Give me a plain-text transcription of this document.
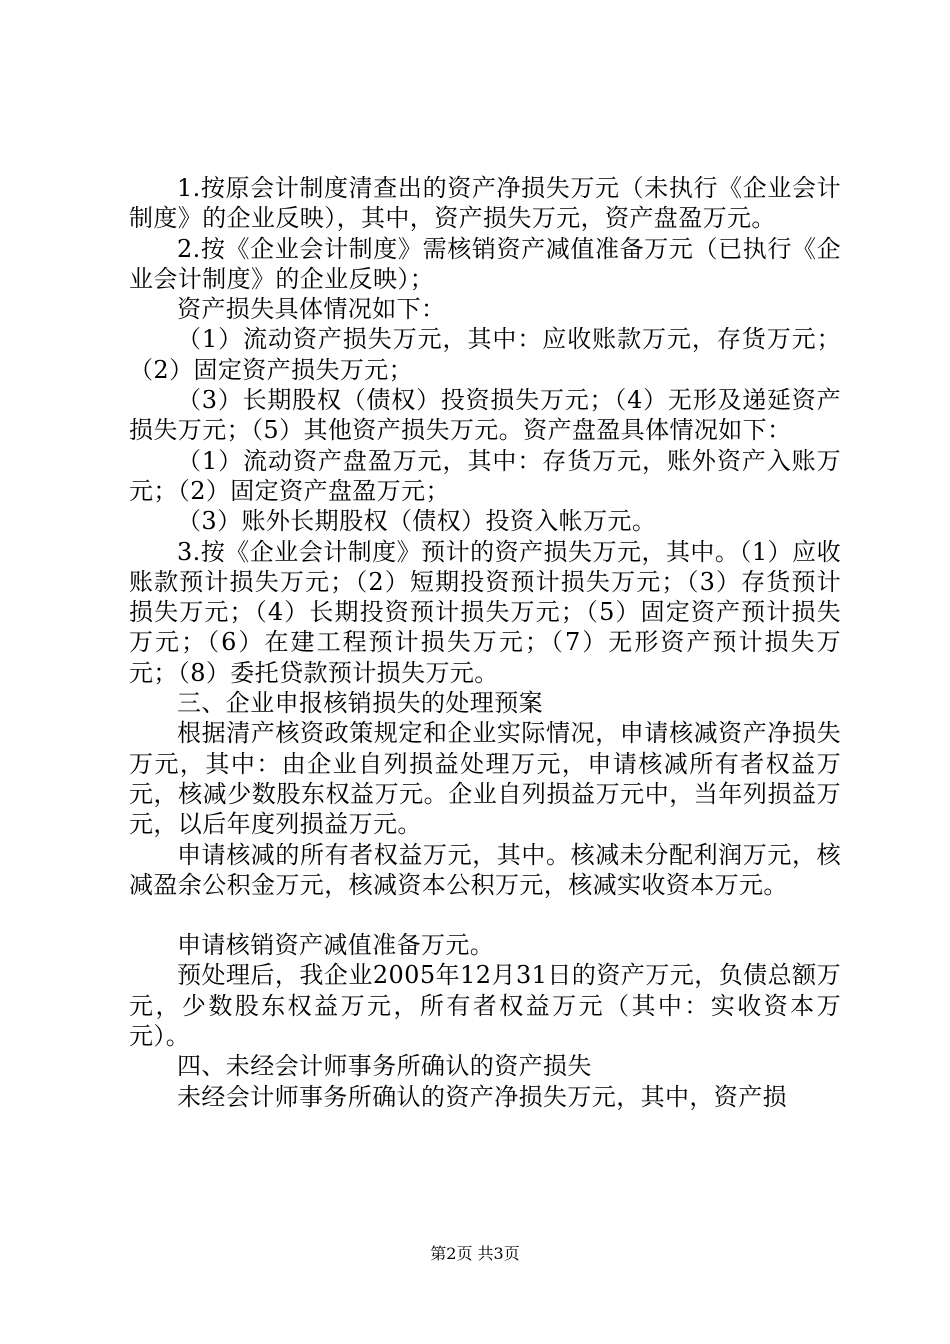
1.按原会计制度清查出的资产净损失万元（未执行《企业会计制度》的企业反映），其中，资产损失万元，资产盘盈万元。

2.按《企业会计制度》需核销资产减值准备万元（已执行《企业会计制度》的企业反映）；

资产损失具体情况如下：

（1）流动资产损失万元，其中：应收账款万元，存货万元；（2）固定资产损失万元；

（3）长期股权（债权）投资损失万元；（4）无形及递延资产损失万元；（5）其他资产损失万元。资产盘盈具体情况如下：

（1）流动资产盘盈万元，其中：存货万元，账外资产入账万元；（2）固定资产盘盈万元；

（3）账外长期股权（债权）投资入帐万元。

3.按《企业会计制度》预计的资产损失万元，其中。（1）应收账款预计损失万元；（2）短期投资预计损失万元；（3）存货预计损失万元；（4）长期投资预计损失万元；（5）固定资产预计损失万元；（6）在建工程预计损失万元；（7）无形资产预计损失万元；（8）委托贷款预计损失万元。

三、企业申报核销损失的处理预案

根据清产核资政策规定和企业实际情况，申请核减资产净损失万元，其中：由企业自列损益处理万元，申请核减所有者权益万元，核减少数股东权益万元。企业自列损益万元中，当年列损益万元，以后年度列损益万元。

申请核减的所有者权益万元，其中。核减未分配利润万元，核减盈余公积金万元，核减资本公积万元，核减实收资本万元。

申请核销资产减值准备万元。

预处理后，我企业2005年12月31日的资产万元，负债总额万元，少数股东权益万元，所有者权益万元（其中：实收资本万元）。

四、未经会计师事务所确认的资产损失

未经会计师事务所确认的资产净损失万元，其中，资产损

第2页 共3页
